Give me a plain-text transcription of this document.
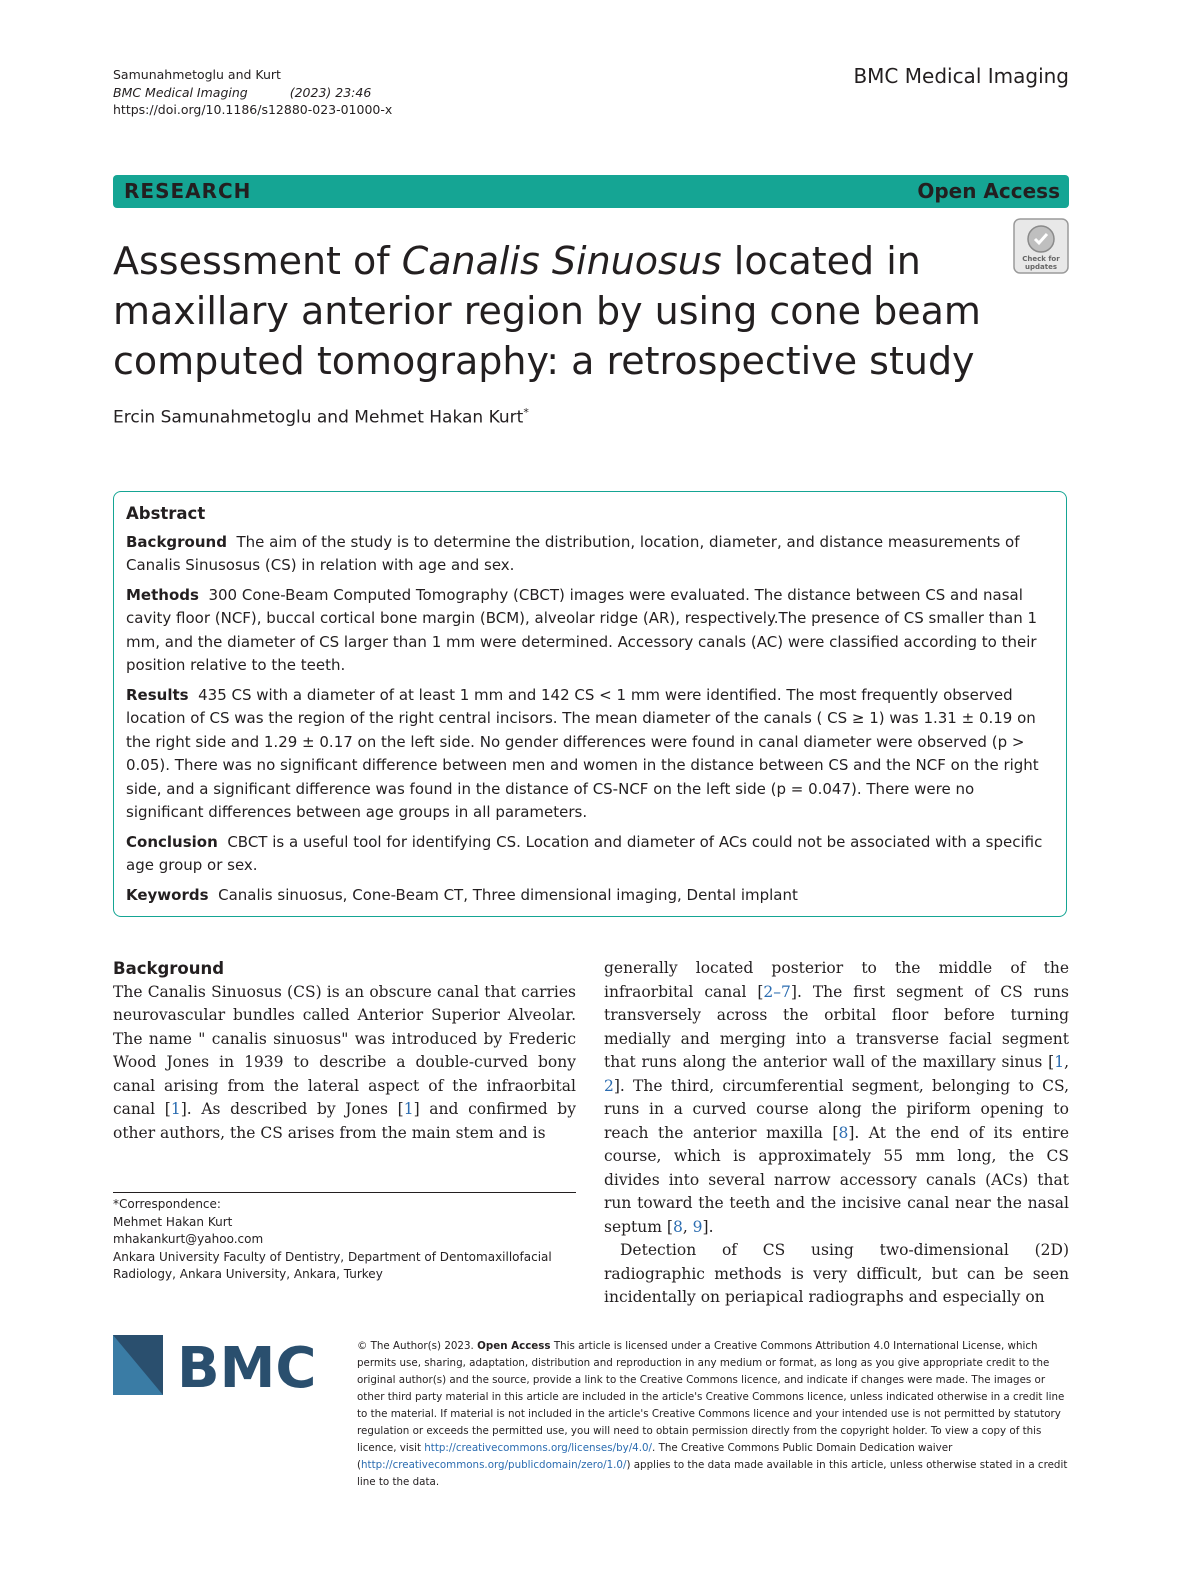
Samunahmetoglu and Kurt
BMC Medical Imaging	(2023) 23:46
https://doi.org/10.1186/s12880-023-01000-x
BMC Medical Imaging
RESEARCH	Open Access
Assessment of Canalis Sinuosus located in maxillary anterior region by using cone beam computed tomography: a retrospective study
Check for
updates
Ercin Samunahmetoglu and Mehmet Hakan Kurt*
Abstract

Background The aim of the study is to determine the distribution, location, diameter, and distance measurements of Canalis Sinusosus (CS) in relation with age and sex.

Methods 300 Cone-Beam Computed Tomography (CBCT) images were evaluated. The distance between CS and nasal cavity floor (NCF), buccal cortical bone margin (BCM), alveolar ridge (AR), respectively.The presence of CS smaller than 1 mm, and the diameter of CS larger than 1 mm were determined. Accessory canals (AC) were classified according to their position relative to the teeth.

Results 435 CS with a diameter of at least 1 mm and 142 CS < 1 mm were identified. The most frequently observed location of CS was the region of the right central incisors. The mean diameter of the canals ( CS ≥ 1) was 1.31 ± 0.19 on the right side and 1.29 ± 0.17 on the left side. No gender differences were found in canal diameter were observed (p > 0.05). There was no significant difference between men and women in the distance between CS and the NCF on the right side, and a significant difference was found in the distance of CS-NCF on the left side (p = 0.047). There were no significant differences between age groups in all parameters.

Conclusion CBCT is a useful tool for identifying CS. Location and diameter of ACs could not be associated with a specific age group or sex.

Keywords Canalis sinuosus, Cone-Beam CT, Three dimensional imaging, Dental implant

Background

The Canalis Sinuosus (CS) is an obscure canal that carries neurovascular bundles called Anterior Superior Alveolar. The name " canalis sinuosus" was introduced by Frederic Wood Jones in 1939 to describe a double-curved bony canal arising from the lateral aspect of the infraorbital canal [1]. As described by Jones [1] and confirmed by other authors, the CS arises from the main stem and is

*Correspondence:

Mehmet Hakan Kurt

mhakankurt@yahoo.com

Ankara University Faculty of Dentistry, Department of Dentomaxillofacial Radiology, Ankara University, Ankara, Turkey

generally located posterior to the middle of the infraorbital canal [2–7]. The first segment of CS runs transversely across the orbital floor before turning medially and merging into a transverse facial segment that runs along the anterior wall of the maxillary sinus [1, 2]. The third, circumferential segment, belonging to CS, runs in a curved course along the piriform opening to reach the anterior maxilla [8]. At the end of its entire course, which is approximately 55 mm long, the CS divides into several narrow accessory canals (ACs) that run toward the teeth and the incisive canal near the nasal septum [8, 9].

Detection of CS using two-dimensional (2D) radiographic methods is very difficult, but can be seen incidentally on periapical radiographs and especially on

BMC	© The Author(s) 2023. Open Access This article is licensed under a Creative Commons Attribution 4.0 International License, which permits use, sharing, adaptation, distribution and reproduction in any medium or format, as long as you give appropriate credit to the original author(s) and the source, provide a link to the Creative Commons licence, and indicate if changes were made. The images or other third party material in this article are included in the article's Creative Commons licence, unless indicated otherwise in a credit line to the material. If material is not included in the article's Creative Commons licence and your intended use is not permitted by statutory regulation or exceeds the permitted use, you will need to obtain permission directly from the copyright holder. To view a copy of this licence, visit http://creativecommons.org/licenses/by/4.0/. The Creative Commons Public Domain Dedication waiver (http://creativecommons.org/publicdomain/zero/1.0/) applies to the data made available in this article, unless otherwise stated in a credit line to the data.
